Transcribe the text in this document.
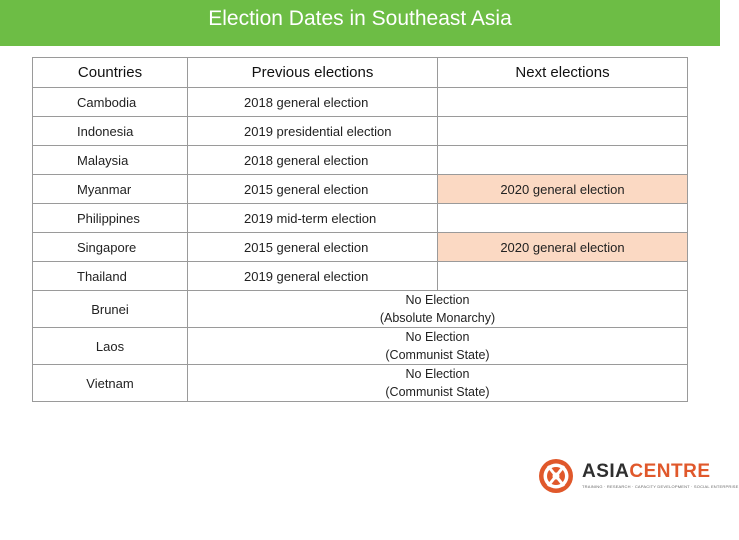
Election Dates in Southeast Asia
Countries	Previous elections	Next elections
Cambodia	2018 general election	
Indonesia	2019 presidential election	
Malaysia	2018 general election	
Myanmar	2015 general election	2020 general election
Philippines	2019 mid-term election	
Singapore	2015 general election	2020 general election
Thailand	2019 general election	
Brunei	No Election
(Absolute Monarchy)	

Laos	No Election
(Communist State)	

Vietnam	No Election
(Communist State)	
ASIACENTRE
TRAINING · RESEARCH · CAPACITY DEVELOPMENT · SOCIAL ENTERPRISE
